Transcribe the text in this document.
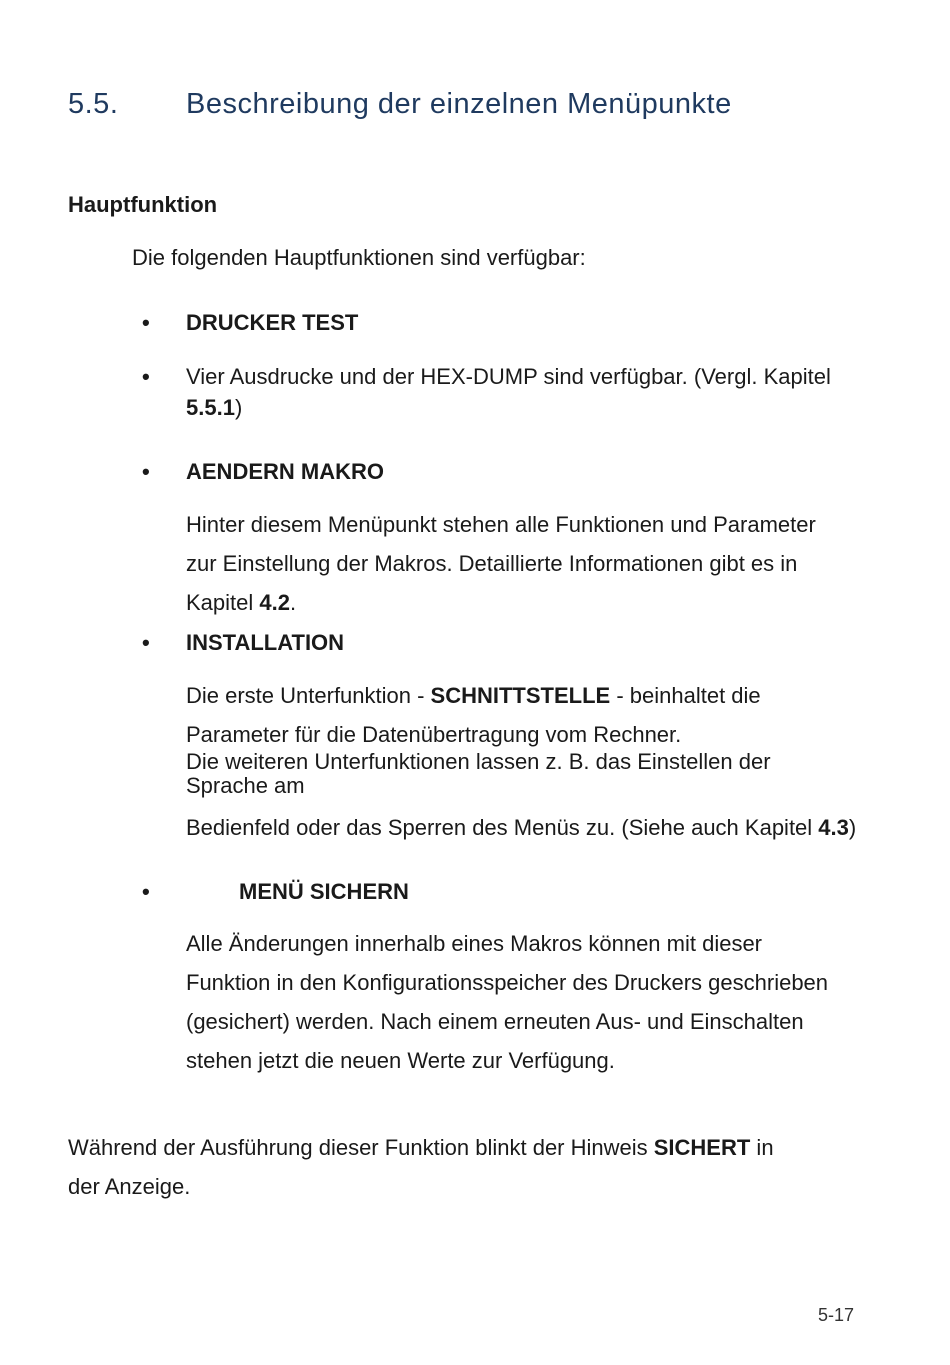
5.5. Beschreibung der einzelnen Menüpunkte
Hauptfunktion
Die folgenden Hauptfunktionen sind verfügbar:
• DRUCKER TEST
• Vier Ausdrucke und der HEX-DUMP sind verfügbar. (Vergl. Kapitel
5.5.1)
• AENDERN MAKRO
Hinter diesem Menüpunkt stehen alle Funktionen und Parameter
zur Einstellung der Makros. Detaillierte Informationen gibt es in
Kapitel 4.2.
• INSTALLATION
Die erste Unterfunktion - SCHNITTSTELLE - beinhaltet die
Parameter für die Datenübertragung vom Rechner.
Die weiteren Unterfunktionen lassen z. B. das Einstellen der
Sprache am
Bedienfeld oder das Sperren des Menüs zu. (Siehe auch Kapitel 4.3)
•	MENÜ SICHERN
Alle Änderungen innerhalb eines Makros können mit dieser
Funktion in den Konfigurationsspeicher des Druckers geschrieben
(gesichert) werden. Nach einem erneuten Aus- und Einschalten
stehen jetzt die neuen Werte zur Verfügung.
Während der Ausführung dieser Funktion blinkt der Hinweis SICHERT in
der Anzeige.
5-17
